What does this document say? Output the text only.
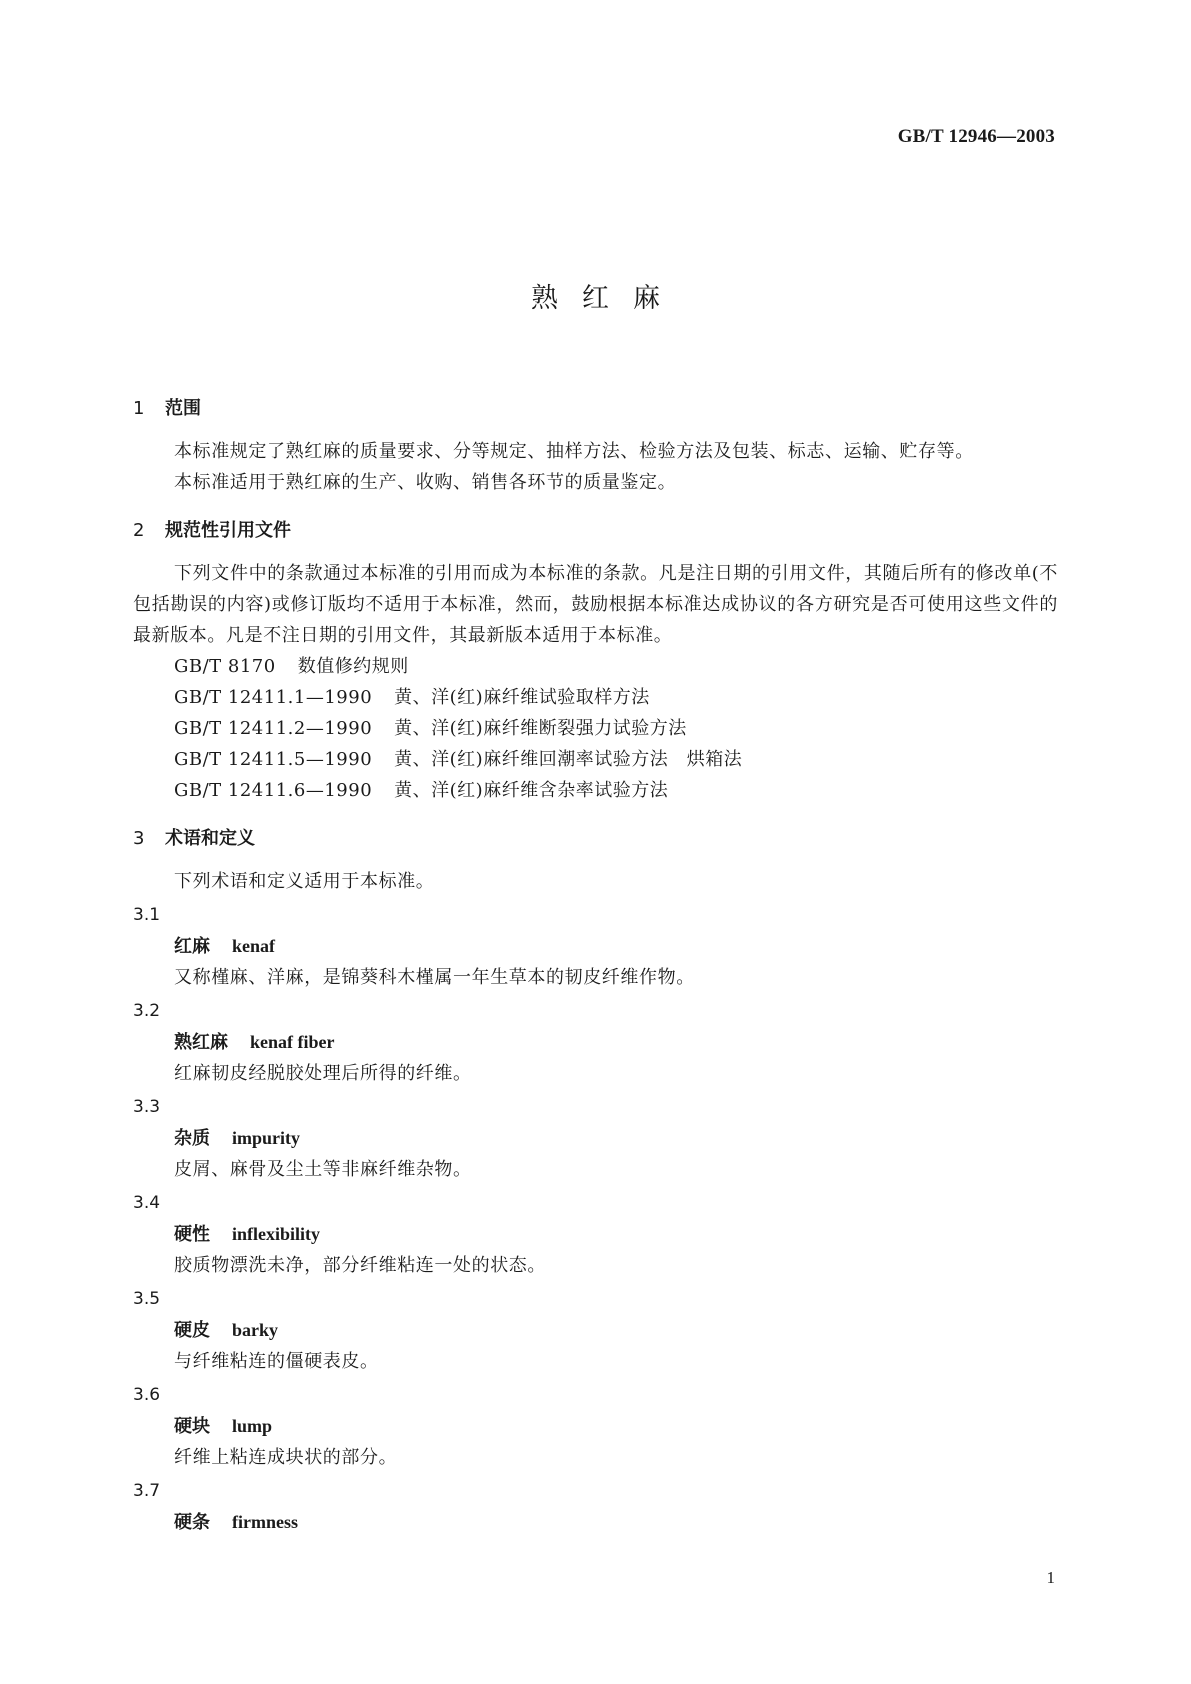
GB/T 12946—2003
熟红麻
1	范围
本标准规定了熟红麻的质量要求、分等规定、抽样方法、检验方法及包装、标志、运输、贮存等。
本标准适用于熟红麻的生产、收购、销售各环节的质量鉴定。
2	规范性引用文件
下列文件中的条款通过本标准的引用而成为本标准的条款。凡是注日期的引用文件，其随后所有的修改单(不包括勘误的内容)或修订版均不适用于本标准，然而，鼓励根据本标准达成协议的各方研究是否可使用这些文件的最新版本。凡是不注日期的引用文件，其最新版本适用于本标准。
GB/T 8170 数值修约规则
GB/T 12411.1—1990 黄、洋(红)麻纤维试验取样方法
GB/T 12411.2—1990 黄、洋(红)麻纤维断裂强力试验方法
GB/T 12411.5—1990 黄、洋(红)麻纤维回潮率试验方法　烘箱法
GB/T 12411.6—1990 黄、洋(红)麻纤维含杂率试验方法
3	术语和定义
下列术语和定义适用于本标准。
3.1
红麻 kenaf
又称槿麻、洋麻，是锦葵科木槿属一年生草本的韧皮纤维作物。
3.2
熟红麻 kenaf fiber
红麻韧皮经脱胶处理后所得的纤维。
3.3
杂质 impurity
皮屑、麻骨及尘土等非麻纤维杂物。
3.4
硬性 inflexibility
胶质物漂洗未净，部分纤维粘连一处的状态。
3.5
硬皮 barky
与纤维粘连的僵硬表皮。
3.6
硬块 lump
纤维上粘连成块状的部分。
3.7
硬条 firmness
1
